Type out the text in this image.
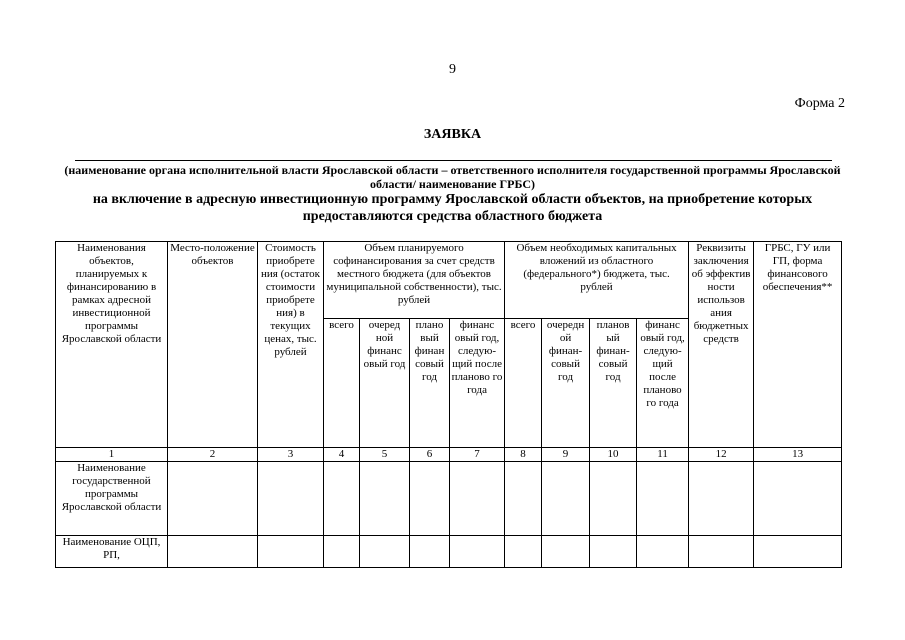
9
Форма 2
ЗАЯВКА
(наименование органа исполнительной власти Ярославской области – ответственного исполнителя государственной программы Ярославской области/ наименование ГРБС)
на включение в адресную инвестиционную программу Ярославской области объектов, на приобретение которых предоставляются средства областного бюджета
Наименования объектов, планируемых к финансированию в рамках адресной инвестиционной программы Ярославской области	Место-положение объектов	Стоимость приобрете ния (остаток стоимости приобрете ния) в текущих ценах, тыс. рублей	Объем планируемого софинансирования за счет средств местного бюджета (для объектов муниципальной собственности), тыс. рублей				Объем необходимых капитальных вложений из областного (федерального*) бюджета, тыс. рублей				Реквизиты заключения об эффектив ности использов ания бюджетных средств	ГРБС, ГУ или ГП, форма финансового обеспечения**
			всего	очеред ной финанс овый год	плано вый финан совый год	финанс овый год, следую-щий после планово го года	всего	очередн ой финан-совый год	планов ый финан-совый год	финанс овый год, следую-щий после планово го года		
1	2	3	4	5	6	7	8	9	10	11	12	13
Наименование государственной программы Ярославской области												
Наименование ОЦП, РП,												
